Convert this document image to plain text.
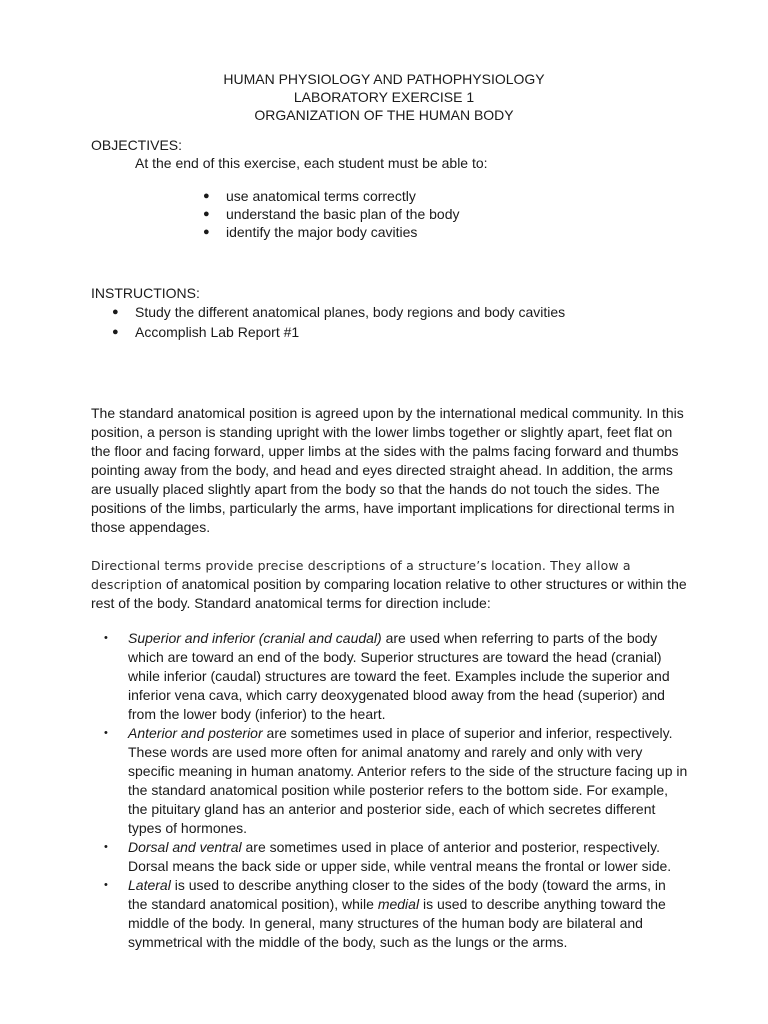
HUMAN PHYSIOLOGY AND PATHOPHYSIOLOGY
LABORATORY EXERCISE 1
ORGANIZATION OF THE HUMAN BODY
OBJECTIVES:
At the end of this exercise, each student must be able to:
● use anatomical terms correctly
● understand the basic plan of the body
● identify the major body cavities
INSTRUCTIONS:
● Study the different anatomical planes, body regions and body cavities
● Accomplish Lab Report #1

The standard anatomical position is agreed upon by the international medical community. In this position, a person is standing upright with the lower limbs together or slightly apart, feet flat on the floor and facing forward, upper limbs at the sides with the palms facing forward and thumbs pointing away from the body, and head and eyes directed straight ahead. In addition, the arms are usually placed slightly apart from the body so that the hands do not touch the sides. The positions of the limbs, particularly the arms, have important implications for directional terms in those appendages.

Directional terms provide precise descriptions of a structure’s location. They allow a description of anatomical position by comparing location relative to other structures or within the rest of the body. Standard anatomical terms for direction include:

• Superior and inferior (cranial and caudal) are used when referring to parts of the body which are toward an end of the body. Superior structures are toward the head (cranial) while inferior (caudal) structures are toward the feet. Examples include the superior and inferior vena cava, which carry deoxygenated blood away from the head (superior) and from the lower body (inferior) to the heart.
• Anterior and posterior are sometimes used in place of superior and inferior, respectively. These words are used more often for animal anatomy and rarely and only with very specific meaning in human anatomy. Anterior refers to the side of the structure facing up in the standard anatomical position while posterior refers to the bottom side. For example, the pituitary gland has an anterior and posterior side, each of which secretes different types of hormones.
• Dorsal and ventral are sometimes used in place of anterior and posterior, respectively. Dorsal means the back side or upper side, while ventral means the frontal or lower side.
• Lateral is used to describe anything closer to the sides of the body (toward the arms, in the standard anatomical position), while medial is used to describe anything toward the middle of the body. In general, many structures of the human body are bilateral and symmetrical with the middle of the body, such as the lungs or the arms.
